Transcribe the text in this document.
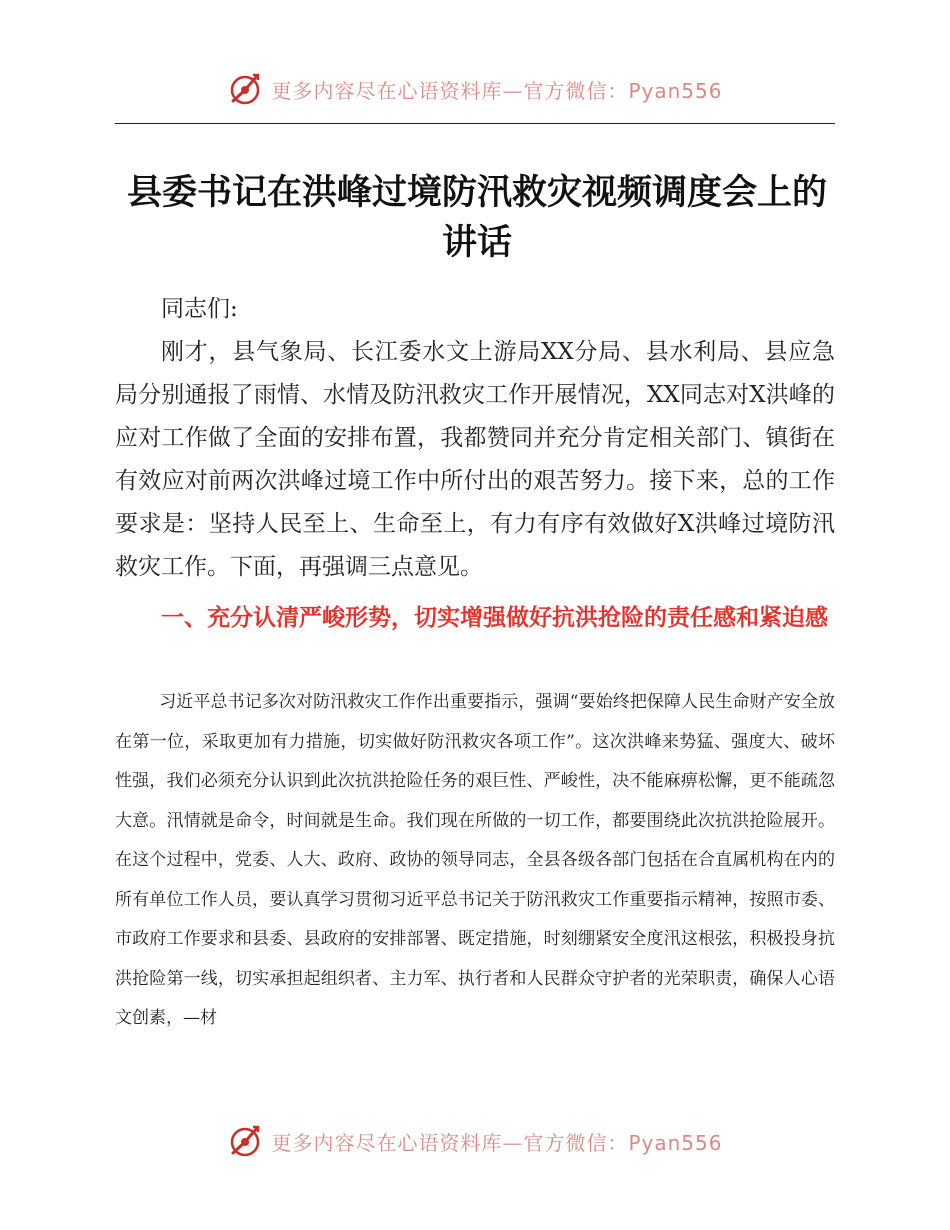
更多内容尽在心语资料库—官方微信：Pyan556
县委书记在洪峰过境防汛救灾视频调度会上的讲话

同志们:

刚才，县气象局、长江委水文上游局XX分局、县水利局、县应急局分别通报了雨情、水情及防汛救灾工作开展情况，XX同志对X洪峰的应对工作做了全面的安排布置，我都赞同并充分肯定相关部门、镇街在有效应对前两次洪峰过境工作中所付出的艰苦努力。接下来，总的工作要求是：坚持人民至上、生命至上，有力有序有效做好X洪峰过境防汛救灾工作。下面，再强调三点意见。

一、充分认清严峻形势，切实增强做好抗洪抢险的责任感和紧迫感

习近平总书记多次对防汛救灾工作作出重要指示，强调“要始终把保障人民生命财产安全放在第一位，采取更加有力措施，切实做好防汛救灾各项工作”。这次洪峰来势猛、强度大、破坏性强，我们必须充分认识到此次抗洪抢险任务的艰巨性、严峻性，决不能麻痹松懈，更不能疏忽大意。汛情就是命令，时间就是生命。我们现在所做的一切工作，都要围绕此次抗洪抢险展开。在这个过程中，党委、人大、政府、政协的领导同志，全县各级各部门包括在合直属机构在内的所有单位工作人员，要认真学习贯彻习近平总书记关于防汛救灾工作重要指示精神，按照市委、市政府工作要求和县委、县政府的安排部署、既定措施，时刻绷紧安全度汛这根弦，积极投身抗洪抢险第一线，切实承担起组织者、主力军、执行者和人民群众守护者的光荣职责，确保人心语文创素，—材

更多内容尽在心语资料库—官方微信：Pyan556
